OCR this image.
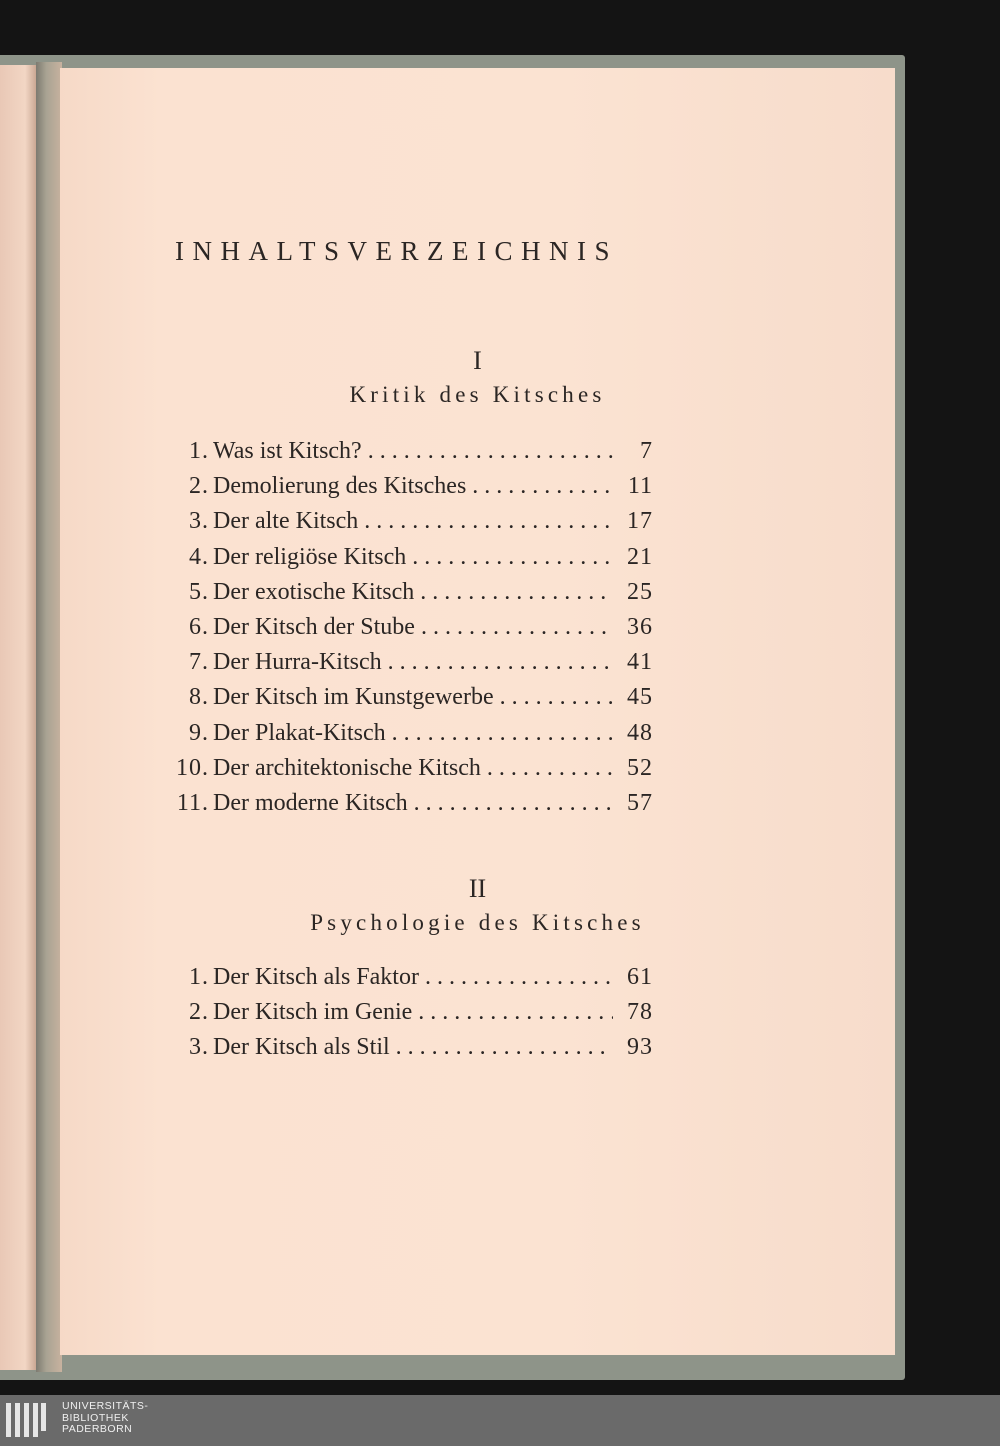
INHALTSVERZEICHNIS
I
Kritik des Kitsches
1. Was ist Kitsch? . . .	7
2. Demolierung des Kitsches . . .	11
3. Der alte Kitsch . . .	17
4. Der religiöse Kitsch . . .	21
5. Der exotische Kitsch . . .	25
6. Der Kitsch der Stube . . .	36
7. Der Hurra-Kitsch . . .	41
8. Der Kitsch im Kunstgewerbe . . .	45
9. Der Plakat-Kitsch . . .	48
10. Der architektonische Kitsch . . .	52
11. Der moderne Kitsch . . .	57
II
Psychologie des Kitsches
1. Der Kitsch als Faktor . . .	61
2. Der Kitsch im Genie . . .	78
3. Der Kitsch als Stil . . .	93
UNIVERSITÄTS-
BIBLIOTHEK
PADERBORN
